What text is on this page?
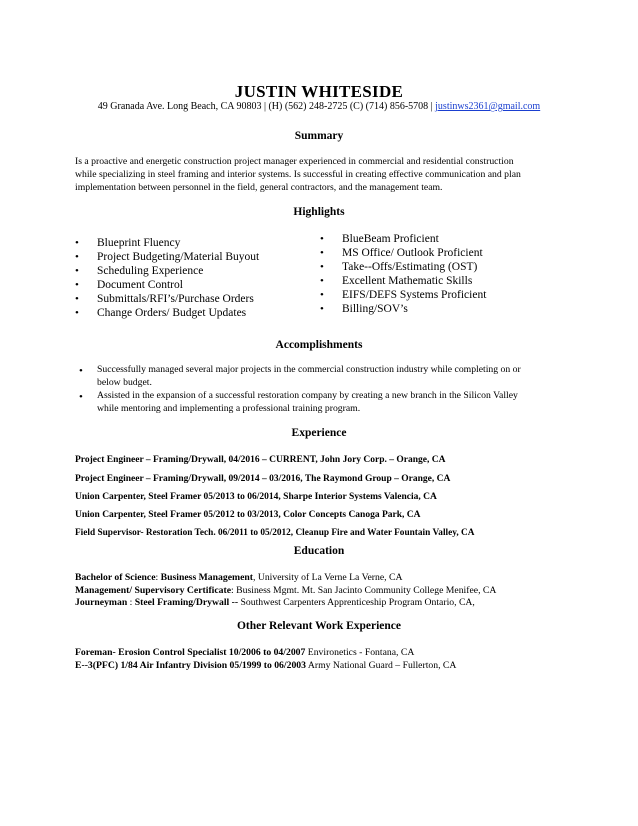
JUSTIN WHITESIDE
49 Granada Ave. Long Beach, CA 90803 | (H) (562) 248-2725 (C) (714) 856-5708 | justinws2361@gmail.com
Summary
Is a proactive and energetic construction project manager experienced in commercial and residential construction
while specializing in steel framing and interior systems. Is successful in creating effective communication and plan
implementation between personnel in the field, general contractors, and the management team.
Highlights
• Blueprint Fluency
• Project Budgeting/Material Buyout
• Scheduling Experience
• Document Control
• Submittals/RFI’s/Purchase Orders
• Change Orders/ Budget Updates
• BlueBeam Proficient
• MS Office/ Outlook Proficient
• Take--Offs/Estimating (OST)
• Excellent Mathematic Skills
• EIFS/DEFS Systems Proficient
• Billing/SOV’s
Accomplishments
• Successfully managed several major projects in the commercial construction industry while completing on or
below budget.
• Assisted in the expansion of a successful restoration company by creating a new branch in the Silicon Valley
while mentoring and implementing a professional training program.
Experience
Project Engineer – Framing/Drywall, 04/2016 – CURRENT, John Jory Corp. – Orange, CA
Project Engineer – Framing/Drywall, 09/2014 – 03/2016, The Raymond Group – Orange, CA
Union Carpenter, Steel Framer 05/2013 to 06/2014, Sharpe Interior Systems Valencia, CA
Union Carpenter, Steel Framer 05/2012 to 03/2013, Color Concepts Canoga Park, CA
Field Supervisor- Restoration Tech. 06/2011 to 05/2012, Cleanup Fire and Water Fountain Valley, CA
Education
Bachelor of Science: Business Management, University of La Verne La Verne, CA
Management/ Supervisory Certificate: Business Mgmt. Mt. San Jacinto Community College Menifee, CA
Journeyman : Steel Framing/Drywall -- Southwest Carpenters Apprenticeship Program Ontario, CA,
Other Relevant Work Experience
Foreman- Erosion Control Specialist 10/2006 to 04/2007 Environetics - Fontana, CA
E--3(PFC) 1/84 Air Infantry Division 05/1999 to 06/2003 Army National Guard – Fullerton, CA
